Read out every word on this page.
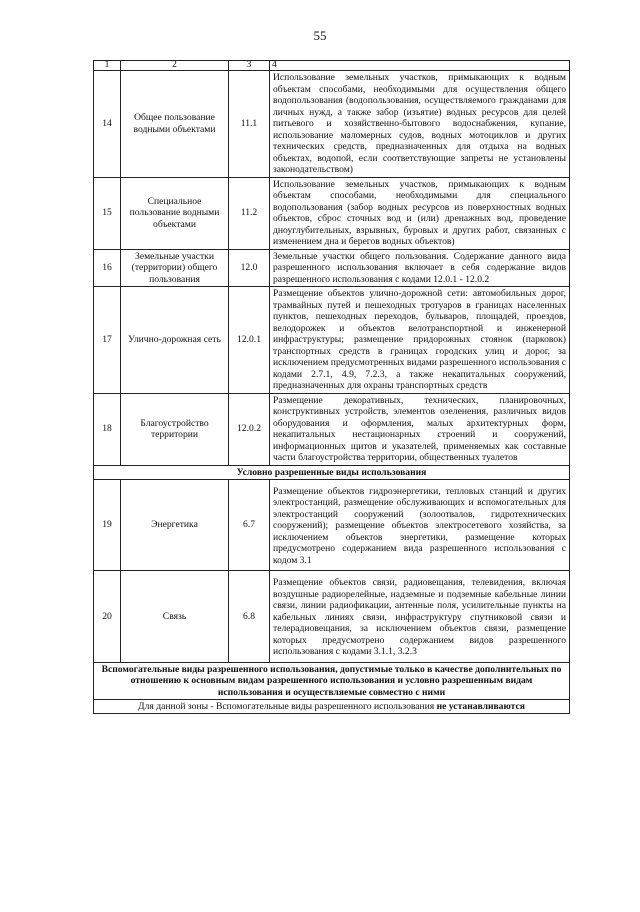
55
1	2	3	4
14	Общее пользование водными объектами	11.1	Использование земельных участков, примыкающих к водным объектам способами, необходимыми для осуществления общего водопользования (водопользования, осуществляемого гражданами для личных нужд, а также забор (изъятие) водных ресурсов для целей питьевого и хозяйственно-бытового водоснабжения, купание, использование маломерных судов, водных мотоциклов и других технических средств, предназначенных для отдыха на водных объектах, водопой, если соответствующие запреты не установлены законодательством)
15	Специальное пользование водными объектами	11.2	Использование земельных участков, примыкающих к водным объектам способами, необходимыми для специального водопользования (забор водных ресурсов из поверхностных водных объектов, сброс сточных вод и (или) дренажных вод, проведение дноуглубительных, взрывных, буровых и других работ, связанных с изменением дна и берегов водных объектов)
16	Земельные участки (территории) общего пользования	12.0	Земельные участки общего пользования. Содержание данного вида разрешенного использования включает в себя содержание видов разрешенного использования с кодами 12.0.1 - 12.0.2
17	Улично-дорожная сеть	12.0.1	Размещение объектов улично-дорожной сети: автомобильных дорог, трамвайных путей и пешеходных тротуаров в границах населенных пунктов, пешеходных переходов, бульваров, площадей, проездов, велодорожек и объектов велотранспортной и инженерной инфраструктуры; размещение придорожных стоянок (парковок) транспортных средств в границах городских улиц и дорог, за исключением предусмотренных видами разрешенного использования с кодами 2.7.1, 4.9, 7.2.3, а также некапитальных сооружений, предназначенных для охраны транспортных средств
18	Благоустройство территории	12.0.2	Размещение декоративных, технических, планировочных, конструктивных устройств, элементов озеленения, различных видов оборудования и оформления, малых архитектурных форм, некапитальных нестационарных строений и сооружений, информационных щитов и указателей, применяемых как составные части благоустройства территории, общественных туалетов
Условно разрешенные виды использования			
19	Энергетика	6.7	Размещение объектов гидроэнергетики, тепловых станций и других электростанций, размещение обслуживающих и вспомогательных для электростанций сооружений (золоотвалов, гидротехнических сооружений); размещение объектов электросетевого хозяйства, за исключением объектов энергетики, размещение которых предусмотрено содержанием вида разрешенного использования с кодом 3.1
20	Связь	6.8	Размещение объектов связи, радиовещания, телевидения, включая воздушные радиорелейные, надземные и подземные кабельные линии связи, линии радиофикации, антенные поля, усилительные пункты на кабельных линиях связи, инфраструктуру спутниковой связи и телерадиовещания, за исключением объектов связи, размещение которых предусмотрено содержанием видов разрешенного использования с кодами 3.1.1, 3.2.3
Вспомогательные виды разрешенного использования, допустимые только в качестве дополнительных по отношению к основным видам разрешенного использования и условно разрешенным видам использования и осуществляемые совместно с ними			
Для данной зоны - Вспомогательные виды разрешенного использования не устанавливаются			
